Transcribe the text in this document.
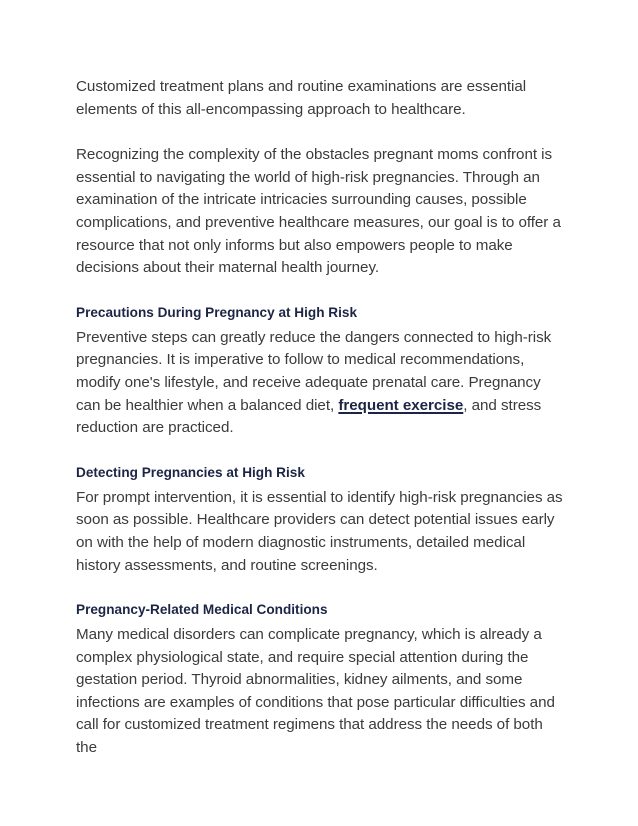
Customized treatment plans and routine examinations are essential elements of this all-encompassing approach to healthcare.

Recognizing the complexity of the obstacles pregnant moms confront is essential to navigating the world of high-risk pregnancies. Through an examination of the intricate intricacies surrounding causes, possible complications, and preventive healthcare measures, our goal is to offer a resource that not only informs but also empowers people to make decisions about their maternal health journey.

Precautions During Pregnancy at High Risk

Preventive steps can greatly reduce the dangers connected to high-risk pregnancies. It is imperative to follow to medical recommendations, modify one's lifestyle, and receive adequate prenatal care. Pregnancy can be healthier when a balanced diet, frequent exercise, and stress reduction are practiced.

Detecting Pregnancies at High Risk

For prompt intervention, it is essential to identify high-risk pregnancies as soon as possible. Healthcare providers can detect potential issues early on with the help of modern diagnostic instruments, detailed medical history assessments, and routine screenings.

Pregnancy-Related Medical Conditions

Many medical disorders can complicate pregnancy, which is already a complex physiological state, and require special attention during the gestation period. Thyroid abnormalities, kidney ailments, and some infections are examples of conditions that pose particular difficulties and call for customized treatment regimens that address the needs of both the
